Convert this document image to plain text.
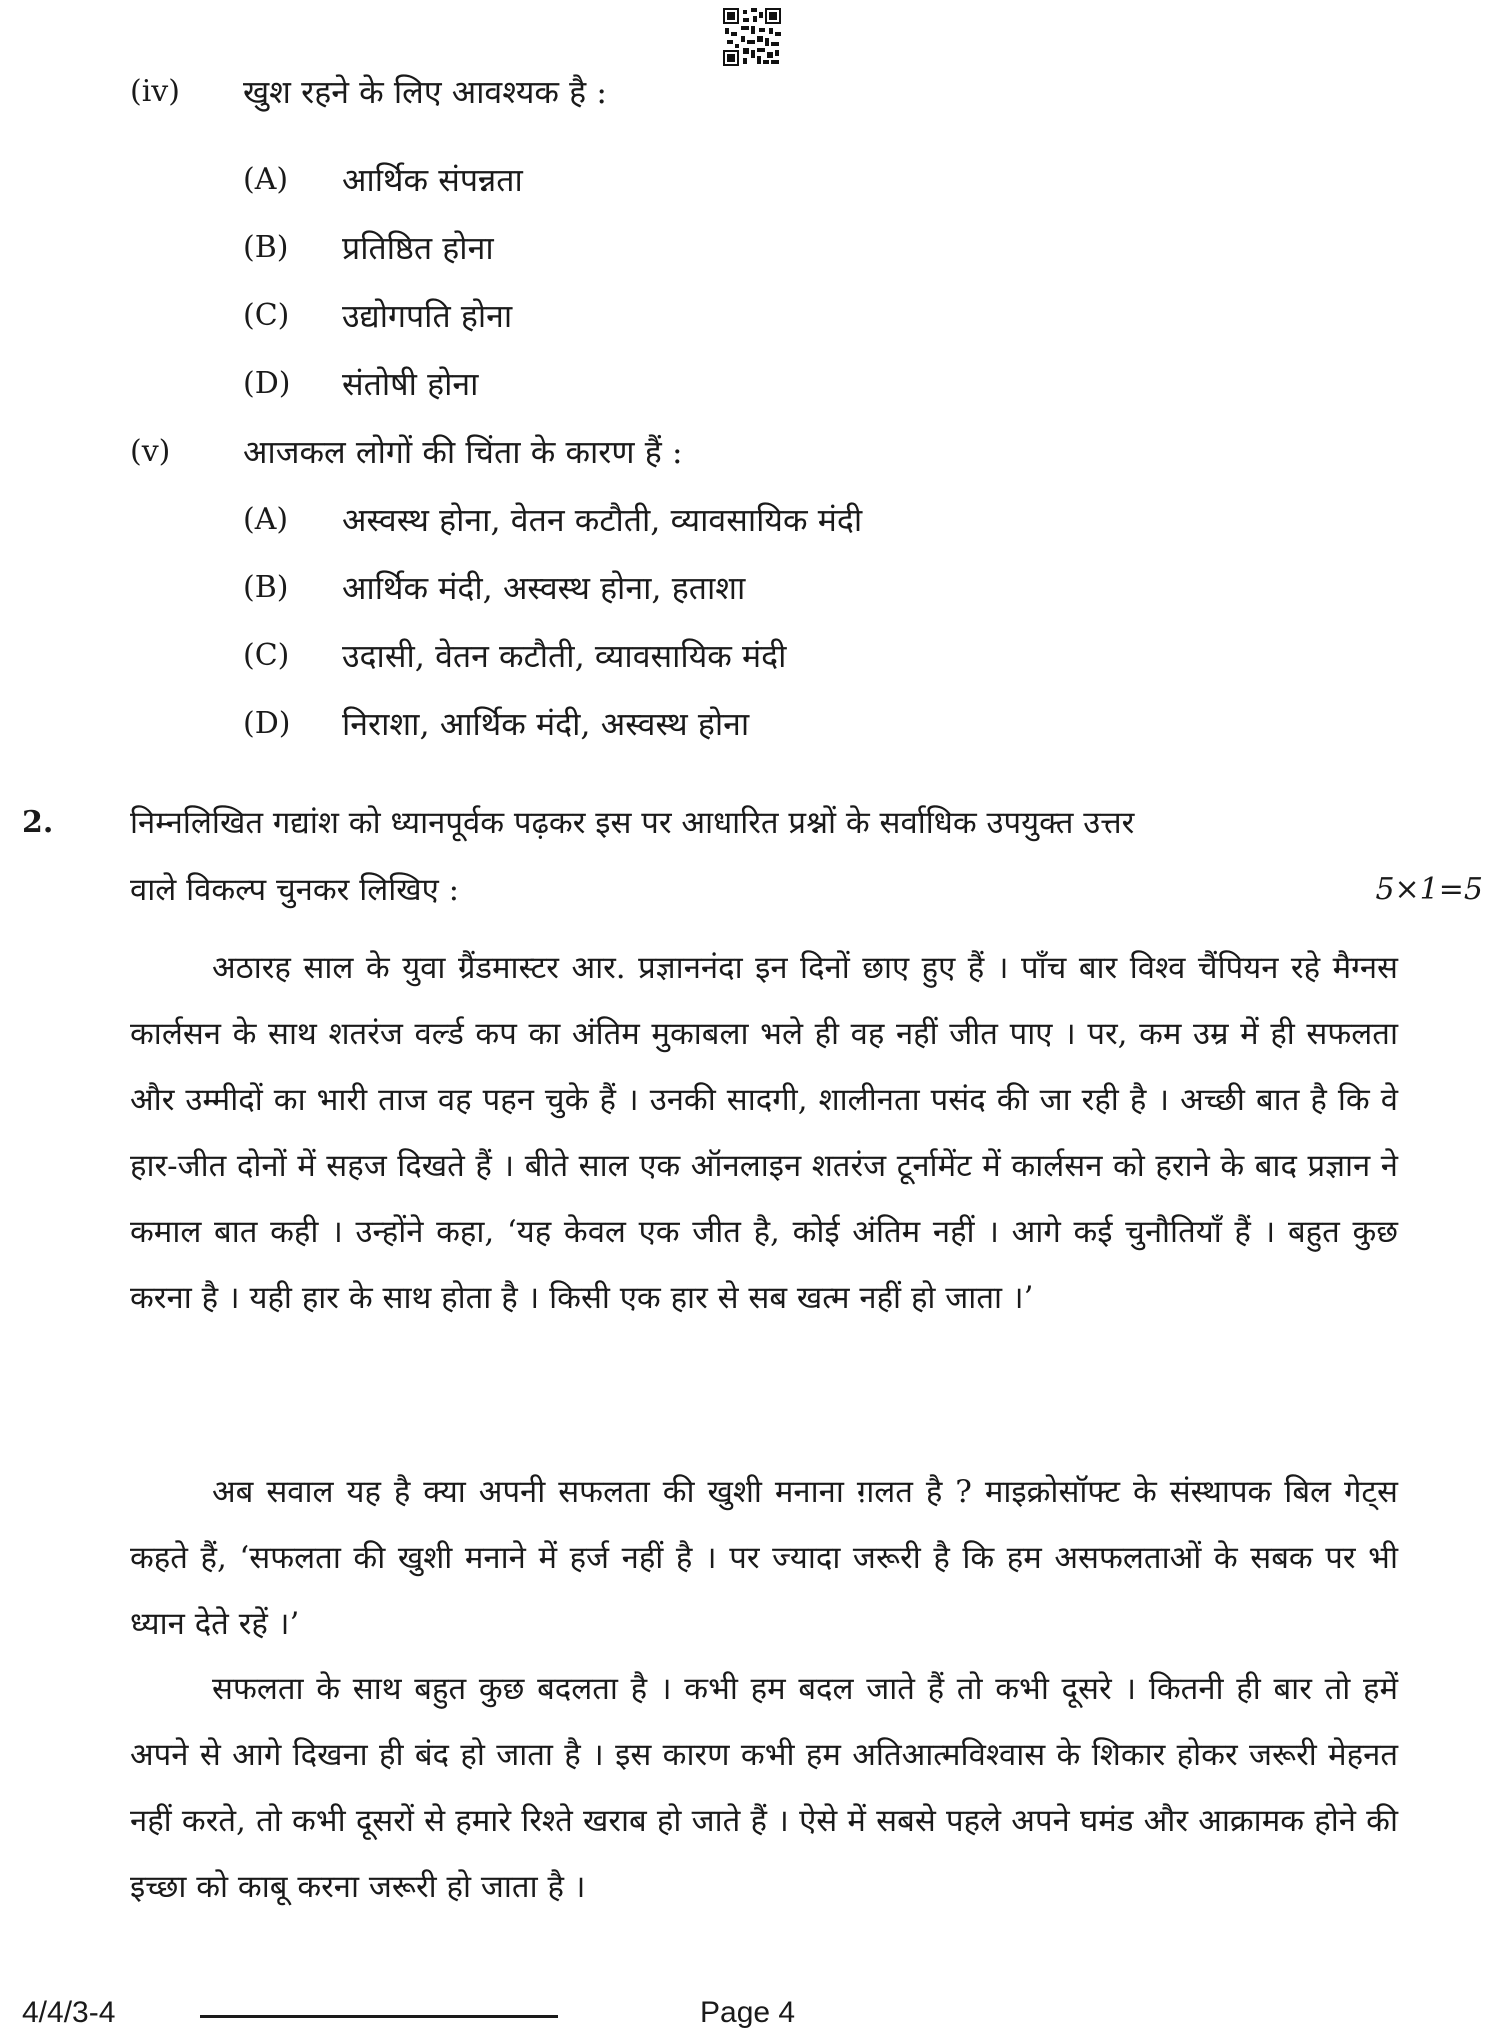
(iv) खुश रहने के लिए आवश्यक है :
(A) आर्थिक संपन्नता
(B) प्रतिष्ठित होना
(C) उद्योगपति होना
(D) संतोषी होना
(v) आजकल लोगों की चिंता के कारण हैं :
(A) अस्वस्थ होना, वेतन कटौती, व्यावसायिक मंदी
(B) आर्थिक मंदी, अस्वस्थ होना, हताशा
(C) उदासी, वेतन कटौती, व्यावसायिक मंदी
(D) निराशा, आर्थिक मंदी, अस्वस्थ होना
2. निम्नलिखित गद्यांश को ध्यानपूर्वक पढ़कर इस पर आधारित प्रश्नों के सर्वाधिक उपयुक्त उत्तर
वाले विकल्प चुनकर लिखिए :	5×1=5

अठारह साल के युवा ग्रैंडमास्टर आर. प्रज्ञाननंदा इन दिनों छाए हुए हैं । पाँच बार विश्व चैंपियन रहे मैग्नस कार्लसन के साथ शतरंज वर्ल्ड कप का अंतिम मुकाबला भले ही वह नहीं जीत पाए । पर, कम उम्र में ही सफलता और उम्मीदों का भारी ताज वह पहन चुके हैं । उनकी सादगी, शालीनता पसंद की जा रही है । अच्छी बात है कि वे हार-जीत दोनों में सहज दिखते हैं । बीते साल एक ऑनलाइन शतरंज टूर्नामेंट में कार्लसन को हराने के बाद प्रज्ञान ने कमाल बात कही । उन्होंने कहा, ‘यह केवल एक जीत है, कोई अंतिम नहीं । आगे कई चुनौतियाँ हैं । बहुत कुछ करना है । यही हार के साथ होता है । किसी एक हार से सब खत्म नहीं हो जाता ।’

अब सवाल यह है क्या अपनी सफलता की खुशी मनाना ग़लत है ? माइक्रोसॉफ्ट के संस्थापक बिल गेट्स कहते हैं, ‘सफलता की खुशी मनाने में हर्ज नहीं है । पर ज्यादा जरूरी है कि हम असफलताओं के सबक पर भी ध्यान देते रहें ।’

सफलता के साथ बहुत कुछ बदलता है । कभी हम बदल जाते हैं तो कभी दूसरे । कितनी ही बार तो हमें अपने से आगे दिखना ही बंद हो जाता है । इस कारण कभी हम अतिआत्मविश्वास के शिकार होकर जरूरी मेहनत नहीं करते, तो कभी दूसरों से हमारे रिश्ते खराब हो जाते हैं । ऐसे में सबसे पहले अपने घमंड और आक्रामक होने की इच्छा को काबू करना जरूरी हो जाता है ।

4/4/3-4	Page 4
